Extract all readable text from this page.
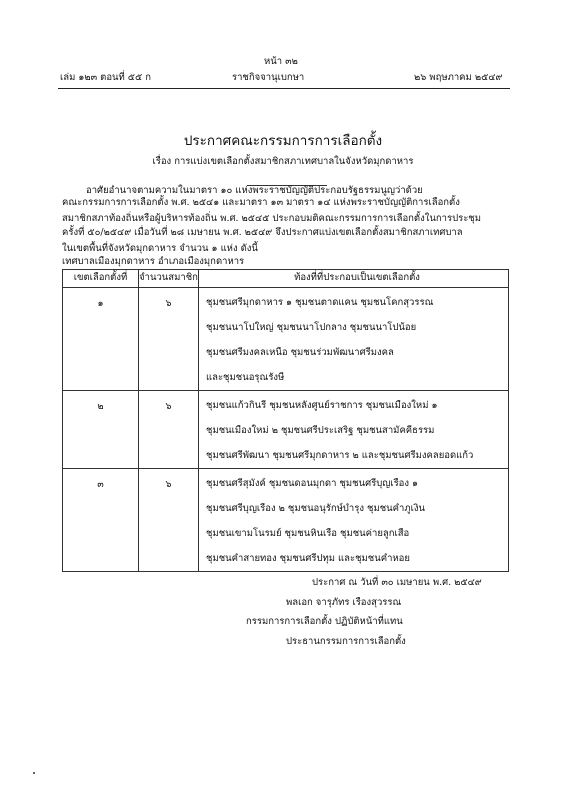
หน้า ๓๒
เล่ม ๑๒๓ ตอนที่ ๕๕ ก	ราชกิจจานุเบกษา	๒๖ พฤษภาคม ๒๕๔๙
ประกาศคณะกรรมการการเลือกตั้ง
เรื่อง การแบ่งเขตเลือกตั้งสมาชิกสภาเทศบาลในจังหวัดมุกดาหาร
อาศัยอำนาจตามความในมาตรา ๑๐ แห่งพระราชบัญญัติประกอบรัฐธรรมนูญว่าด้วย
คณะกรรมการการเลือกตั้ง พ.ศ. ๒๕๔๑ และมาตรา ๑๓ มาตรา ๑๔ แห่งพระราชบัญญัติการเลือกตั้ง
สมาชิกสภาท้องถิ่นหรือผู้บริหารท้องถิ่น พ.ศ. ๒๕๔๕ ประกอบมติคณะกรรมการการเลือกตั้งในการประชุม
ครั้งที่ ๕๐/๒๕๔๙ เมื่อวันที่ ๒๘ เมษายน พ.ศ. ๒๕๔๙ จึงประกาศแบ่งเขตเลือกตั้งสมาชิกสภาเทศบาล
ในเขตพื้นที่จังหวัดมุกดาหาร จำนวน ๑ แห่ง ดังนี้
เทศบาลเมืองมุกดาหาร อำเภอเมืองมุกดาหาร
เขตเลือกตั้งที่	จำนวนสมาชิก	ท้องที่ที่ประกอบเป็นเขตเลือกตั้ง

๑	๖	ชุมชนศรีมุกดาหาร ๑ ชุมชนตาดแคน ชุมชนโคกสุวรรณ
ชุมชนนาโปใหญ่ ชุมชนนาโปกลาง ชุมชนนาโปน้อย
ชุมชนศรีมงคลเหนือ ชุมชนร่วมพัฒนาศรีมงคล
และชุมชนอรุณรังษี

๒	๖	ชุมชนแก้วกินรี ชุมชนหลังศูนย์ราชการ ชุมชนเมืองใหม่ ๑
ชุมชนเมืองใหม่ ๒ ชุมชนศรีประเสริฐ ชุมชนสามัคคีธรรม
ชุมชนศรีพัฒนา ชุมชนศรีมุกดาหาร ๒ และชุมชนศรีมงคลยอดแก้ว

๓	๖	ชุมชนศรีสุมังค์ ชุมชนดอนมุกดา ชุมชนศรีบุญเรือง ๑
ชุมชนศรีบุญเรือง ๒ ชุมชนอนุรักษ์บำรุง ชุมชนคำภูเงิน
ชุมชนเขามโนรมย์ ชุมชนหินเรือ ชุมชนค่ายลูกเสือ
ชุมชนคำสายทอง ชุมชนศรีปทุม และชุมชนคำหอย
ประกาศ ณ วันที่ ๓๐ เมษายน พ.ศ. ๒๕๔๙
พลเอก จารุภัทร เรืองสุวรรณ
กรรมการการเลือกตั้ง ปฏิบัติหน้าที่แทน
ประธานกรรมการการเลือกตั้ง
